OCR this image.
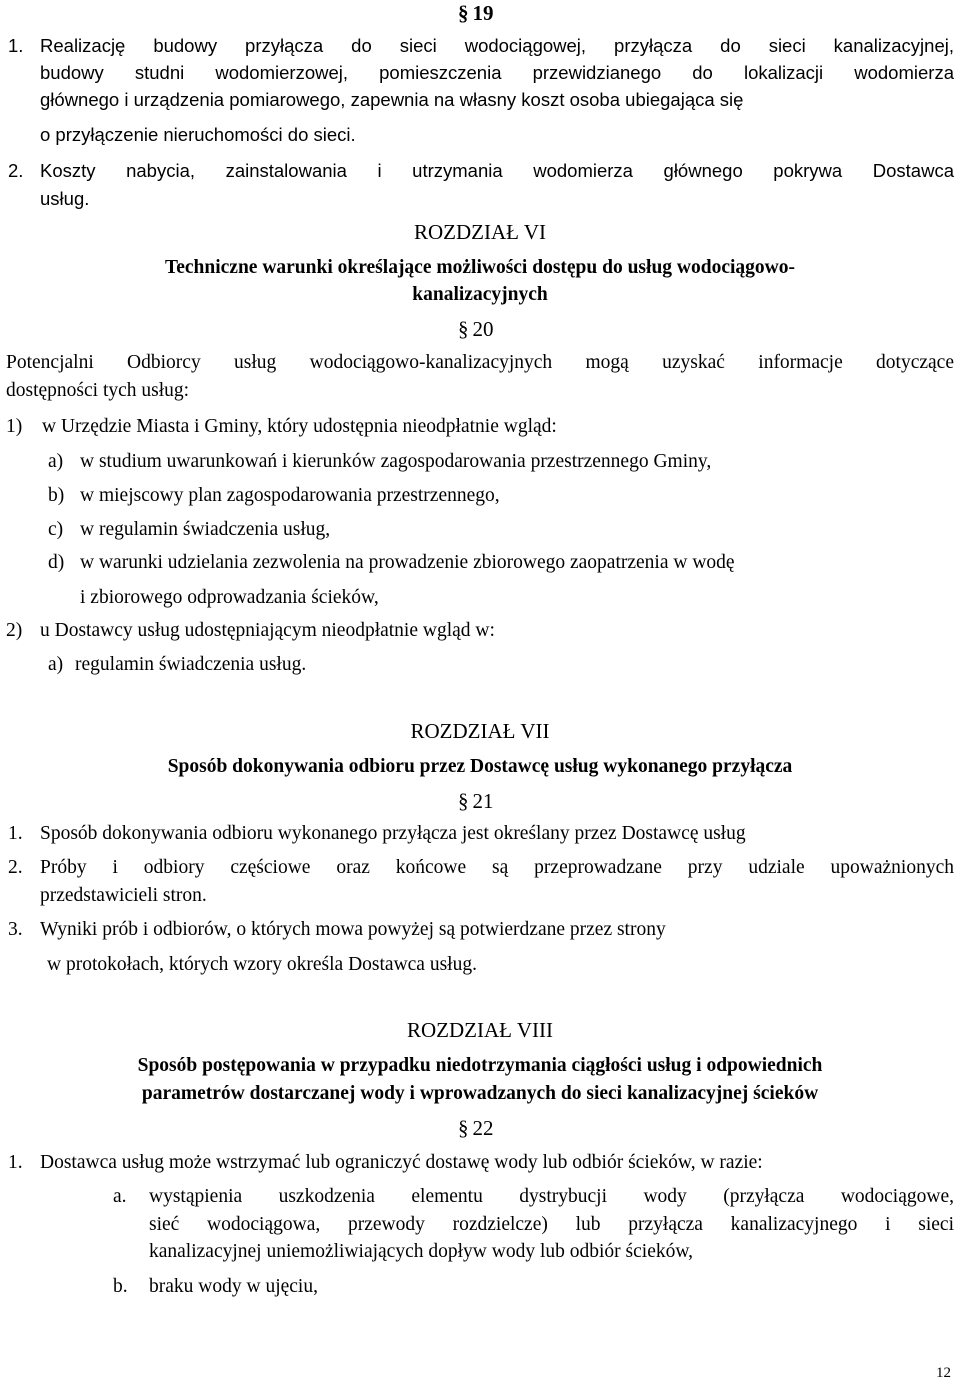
§ 19
1. Realizację budowy przyłącza do sieci wodociągowej, przyłącza do sieci kanalizacyjnej,
budowy studni wodomierzowej, pomieszczenia przewidzianego do lokalizacji wodomierza
głównego i urządzenia pomiarowego, zapewnia na własny koszt osoba ubiegająca się
o przyłączenie nieruchomości do sieci.
2. Koszty nabycia, zainstalowania i utrzymania wodomierza głównego pokrywa Dostawca
usług.
ROZDZIAŁ VI
Techniczne warunki określające możliwości dostępu do usług wodociągowo-
kanalizacyjnych
§ 20
Potencjalni Odbiorcy usług wodociągowo-kanalizacyjnych mogą uzyskać informacje dotyczące
dostępności tych usług:
1) w Urzędzie Miasta i Gminy, który udostępnia nieodpłatnie wgląd:
a) w studium uwarunkowań i kierunków zagospodarowania przestrzennego Gminy,
b) w miejscowy plan zagospodarowania przestrzennego,
c) w regulamin świadczenia usług,
d) w warunki udzielania zezwolenia na prowadzenie zbiorowego zaopatrzenia w wodę
i zbiorowego odprowadzania ścieków,
2) u Dostawcy usług udostępniającym nieodpłatnie wgląd w:
a) regulamin świadczenia usług.
ROZDZIAŁ VII
Sposób dokonywania odbioru przez Dostawcę usług wykonanego przyłącza
§ 21
1. Sposób dokonywania odbioru wykonanego przyłącza jest określany przez Dostawcę usług
2. Próby i odbiory częściowe oraz końcowe są przeprowadzane przy udziale upoważnionych
przedstawicieli stron.
3. Wyniki prób i odbiorów, o których mowa powyżej są potwierdzane przez strony
w protokołach, których wzory określa Dostawca usług.
ROZDZIAŁ VIII
Sposób postępowania w przypadku niedotrzymania ciągłości usług i odpowiednich
parametrów dostarczanej wody i wprowadzanych do sieci kanalizacyjnej ścieków
§ 22
1. Dostawca usług może wstrzymać lub ograniczyć dostawę wody lub odbiór ścieków, w razie:
a. wystąpienia uszkodzenia elementu dystrybucji wody (przyłącza wodociągowe,
sieć wodociągowa, przewody rozdzielcze) lub przyłącza kanalizacyjnego i sieci
kanalizacyjnej uniemożliwiających dopływ wody lub odbiór ścieków,
b. braku wody w ujęciu,
12
